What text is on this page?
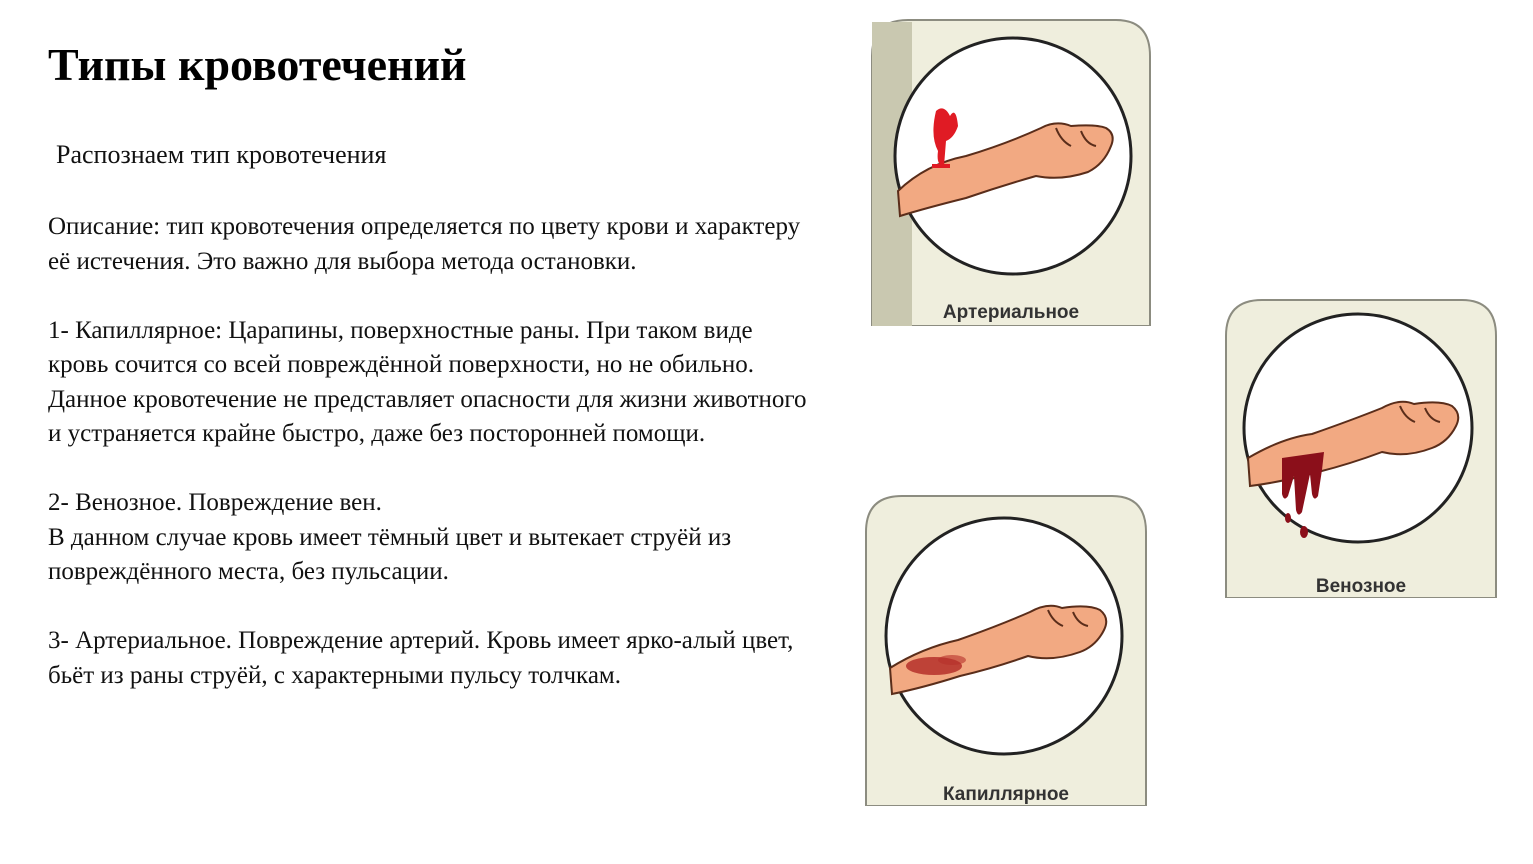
Типы кровотечений
Распознаем тип кровотечения

Описание: тип кровотечения определяется по цвету крови и характеру её истечения. Это важно для выбора метода остановки.

1- Капиллярное: Царапины, поверхностные раны. При таком виде кровь сочится со всей повреждённой поверхности, но не обильно. Данное кровотечение не представляет опасности для жизни животного и устраняется крайне быстро, даже без посторонней помощи.

2- Венозное. Повреждение вен.

В данном случае кровь имеет тёмный цвет и вытекает струёй из повреждённого места, без пульсации.

3- Артериальное. Повреждение артерий. Кровь имеет ярко-алый цвет, бьёт из раны струёй, с характерными пульсу толчкам.

Артериальное
Венозное
Капиллярное
